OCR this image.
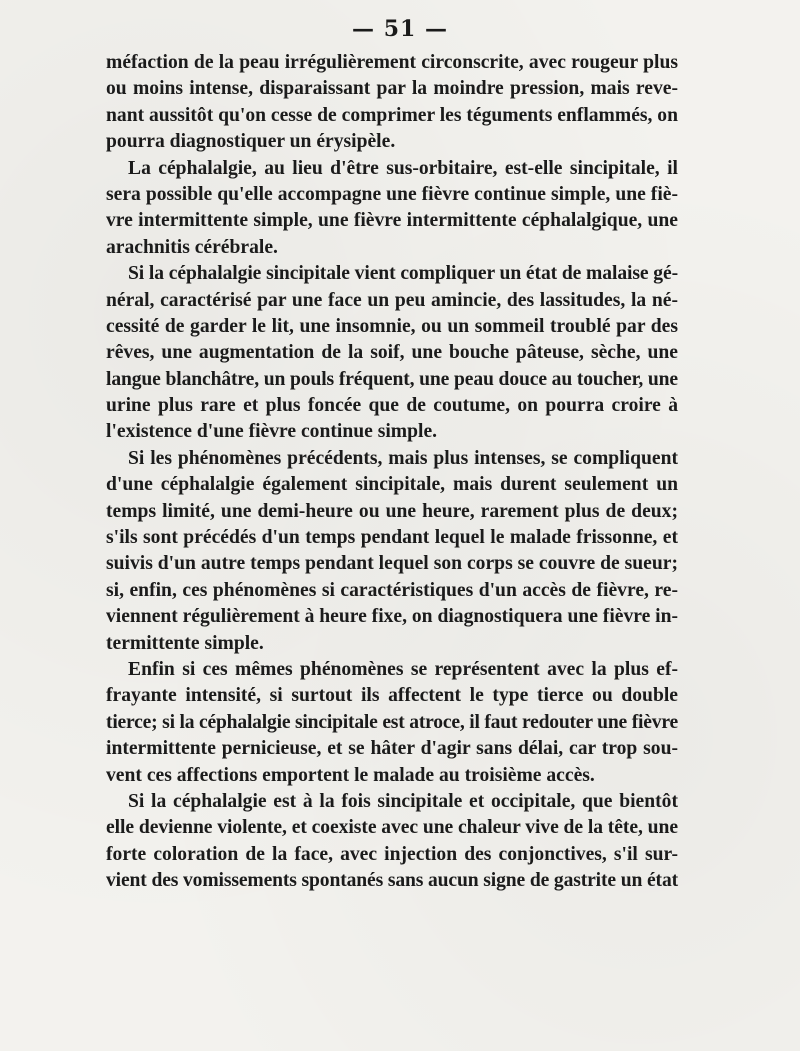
— 51 —

méfaction de la peau irrégulièrement circonscrite, avec rougeur plus
ou moins intense, disparaissant par la moindre pression, mais reve-
nant aussitôt qu'on cesse de comprimer les téguments enflammés, on
pourra diagnostiquer un érysipèle.

La céphalalgie, au lieu d'être sus-orbitaire, est-elle sincipitale, il
sera possible qu'elle accompagne une fièvre continue simple, une fiè-
vre intermittente simple, une fièvre intermittente céphalalgique, une
arachnitis cérébrale.

Si la céphalalgie sincipitale vient compliquer un état de malaise gé-
néral, caractérisé par une face un peu amincie, des lassitudes, la né-
cessité de garder le lit, une insomnie, ou un sommeil troublé par des
rêves, une augmentation de la soif, une bouche pâteuse, sèche, une
langue blanchâtre, un pouls fréquent, une peau douce au toucher, une
urine plus rare et plus foncée que de coutume, on pourra croire à
l'existence d'une fièvre continue simple.

Si les phénomènes précédents, mais plus intenses, se compliquent
d'une céphalalgie également sincipitale, mais durent seulement un
temps limité, une demi-heure ou une heure, rarement plus de deux;
s'ils sont précédés d'un temps pendant lequel le malade frissonne, et
suivis d'un autre temps pendant lequel son corps se couvre de sueur;
si, enfin, ces phénomènes si caractéristiques d'un accès de fièvre, re-
viennent régulièrement à heure fixe, on diagnostiquera une fièvre in-
termittente simple.

Enfin si ces mêmes phénomènes se représentent avec la plus ef-
frayante intensité, si surtout ils affectent le type tierce ou double
tierce; si la céphalalgie sincipitale est atroce, il faut redouter une fièvre
intermittente pernicieuse, et se hâter d'agir sans délai, car trop sou-
vent ces affections emportent le malade au troisième accès.

Si la céphalalgie est à la fois sincipitale et occipitale, que bientôt
elle devienne violente, et coexiste avec une chaleur vive de la tête, une
forte coloration de la face, avec injection des conjonctives, s'il sur-
vient des vomissements spontanés sans aucun signe de gastrite un état
